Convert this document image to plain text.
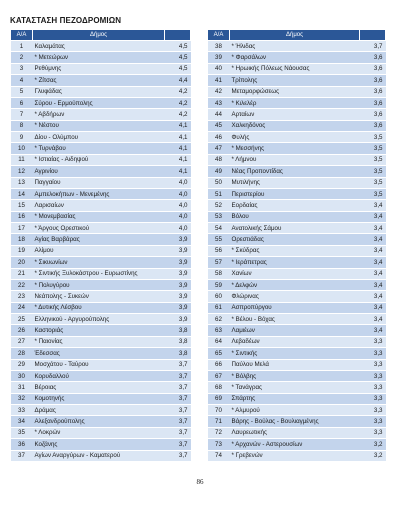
ΚΑΤΑΣΤΑΣΗ ΠΕΖΟΔΡΟΜΙΩΝ
Α/Α	Δήμος	
1	Καλαμάτας	4,5
2	* Μετεώρων	4,5
3	Ρεθύμνης	4,5
4	* Ζίτσας	4,4
5	Γλυφάδας	4,2
6	Σύρου - Ερμούπολης	4,2
7	* Αβδήρων	4,2
8	* Νέστου	4,1
9	Δίου - Ολύμπου	4,1
10	* Τυρνάβου	4,1
11	* Ιστιαίας - Αιδηψού	4,1
12	Αγρινίου	4,1
13	Παγγαίου	4,0
14	Αμπελοκήπων - Μενεμένης	4,0
15	Λαρισαίων	4,0
16	* Μονεμβασίας	4,0
17	* Άργους Ορεστικού	4,0
18	Αγίας Βαρβάρας	3,9
19	Αλίμου	3,9
20	* Σικυωνίων	3,9
21	* Σιντικής Ξυλοκάστρου - Ευρωστίνης	3,9
22	* Πολυγύρου	3,9
23	Νεάπολης - Συκεών	3,9
24	* Δυτικής Λέσβου	3,9
25	Ελληνικού - Αργυρούπολης	3,9
26	Καστοριάς	3,8
27	* Παιονίας	3,8
28	Έδεσσας	3,8
29	Μοσχάτου - Ταύρου	3,7
30	Κορυδαλλού	3,7
31	Βέροιας	3,7
32	Κομοτηνής	3,7
33	Δράμας	3,7
34	Αλεξανδρούπολης	3,7
35	* Λοκρών	3,7
36	Κοζάνης	3,7
37	Αγίων Αναργύρων - Καματερού	3,7
Α/Α	Δήμος	
38	* Ήλιδας	3,7
39	* Φαρσάλων	3,6
40	* Ηρωικής Πόλεως Νάουσας	3,6
41	Τρίπολης	3,6
42	Μεταμορφώσεως	3,6
43	* Κιλελέρ	3,6
44	Αρταίων	3,6
45	Χαλκηδόνος	3,6
46	Φυλής	3,5
47	* Μεσσήνης	3,5
48	* Λήμνου	3,5
49	Νέας Προποντίδας	3,5
50	Μυτιλήνης	3,5
51	Περιστερίου	3,5
52	Εορδαίας	3,4
53	Βόλου	3,4
54	Ανατολικής Σάμου	3,4
55	Ορεστιάδας	3,4
56	* Σκύδρας	3,4
57	* Ιεράπετρας	3,4
58	Χανίων	3,4
59	* Δελφών	3,4
60	Φλώρινας	3,4
61	Ασπροπύργου	3,4
62	* Βέλου - Βόχας	3,4
63	Λαμιέων	3,4
64	Λεβαδέων	3,3
65	* Σιντικής	3,3
66	Παύλου Μελά	3,3
67	* Βόλβης	3,3
68	* Τανάγρας	3,3
69	Σπάρτης	3,3
70	* Αλμυρού	3,3
71	Βάρης - Βούλας - Βουλιαγμένης	3,3
72	Λαυρεωτικής	3,3
73	* Αρχανών - Αστερουσίων	3,2
74	* Γρεβενών	3,2
86
